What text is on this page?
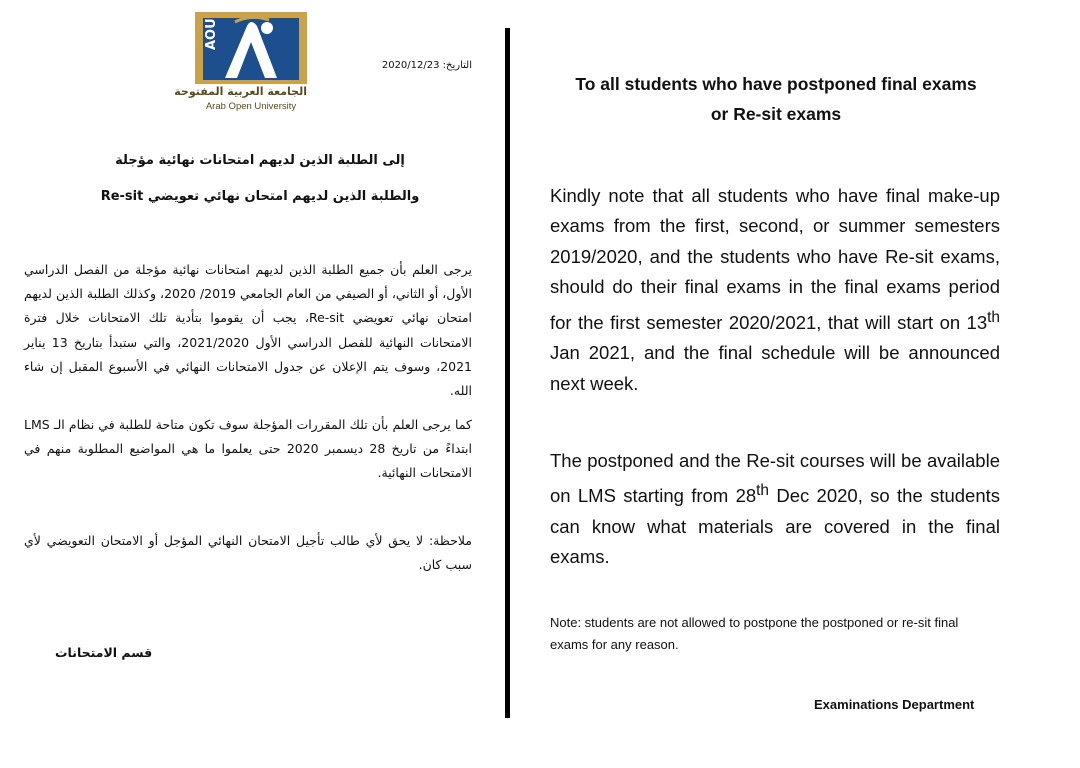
AOU
الجامعة العربية المفتوحة
Arab Open University
التاريخ: 2020/12/23
إلى الطلبة الذين لديهم امتحانات نهائية مؤجلة
والطلبة الذين لديهم امتحان نهائي تعويضي Re-sit
يرجى العلم بأن جميع الطلبة الذين لديهم امتحانات نهائية مؤجلة من الفصل الدراسي الأول، أو الثاني، أو الصيفي من العام الجامعي 2019/ 2020، وكذلك الطلبة الذين لديهم امتحان نهائي تعويضي Re-sit، يجب أن يقوموا بتأدية تلك الامتحانات خلال فترة الامتحانات النهائية للفصل الدراسي الأول 2021/2020، والتي ستبدأ بتاريخ 13 يناير 2021، وسوف يتم الإعلان عن جدول الامتحانات النهائي في الأسبوع المقبل إن شاء الله.
كما يرجى العلم بأن تلك المقررات المؤجلة سوف تكون متاحة للطلبة في نظام الـ LMS ابتداءً من تاريخ 28 ديسمبر 2020 حتى يعلموا ما هي المواضيع المطلوبة منهم في الامتحانات النهائية.
ملاحظة: لا يحق لأي طالب تأجيل الامتحان النهائي المؤجل أو الامتحان التعويضي لأي سبب كان.
قسم الامتحانات
To all students who have postponed final exams
or Re-sit exams
Kindly note that all students who have final make-up exams from the first, second, or summer semesters 2019/2020, and the students who have Re-sit exams, should do their final exams in the final exams period for the first semester 2020/2021, that will start on 13th Jan 2021, and the final schedule will be announced next week.
The postponed and the Re-sit courses will be available on LMS starting from 28th Dec 2020, so the students can know what materials are covered in the final exams.
Note: students are not allowed to postpone the postponed or re-sit final exams for any reason.
Examinations Department
